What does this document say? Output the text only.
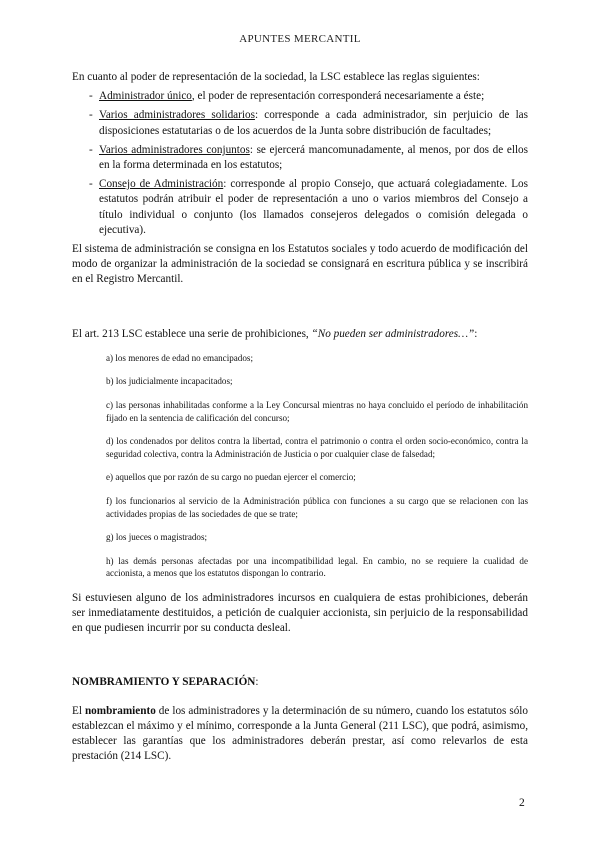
APUNTES MERCANTIL

En cuanto al poder de representación de la sociedad, la LSC establece las reglas siguientes:

- Administrador único, el poder de representación corresponderá necesariamente a éste;
- Varios administradores solidarios: corresponde a cada administrador, sin perjuicio de las disposiciones estatutarias o de los acuerdos de la Junta sobre distribución de facultades;
- Varios administradores conjuntos: se ejercerá mancomunadamente, al menos, por dos de ellos en la forma determinada en los estatutos;
- Consejo de Administración: corresponde al propio Consejo, que actuará colegiadamente. Los estatutos podrán atribuir el poder de representación a uno o varios miembros del Consejo a título individual o conjunto (los llamados consejeros delegados o comisión delegada o ejecutiva).

El sistema de administración se consigna en los Estatutos sociales y todo acuerdo de modificación del modo de organizar la administración de la sociedad se consignará en escritura pública y se inscribirá en el Registro Mercantil.

El art. 213 LSC establece una serie de prohibiciones, “No pueden ser administradores…”:

a) los menores de edad no emancipados;

b) los judicialmente incapacitados;

c) las personas inhabilitadas conforme a la Ley Concursal mientras no haya concluido el período de inhabilitación fijado en la sentencia de calificación del concurso;

d) los condenados por delitos contra la libertad, contra el patrimonio o contra el orden socio-económico, contra la seguridad colectiva, contra la Administración de Justicia o por cualquier clase de falsedad;

e) aquellos que por razón de su cargo no puedan ejercer el comercio;

f) los funcionarios al servicio de la Administración pública con funciones a su cargo que se relacionen con las actividades propias de las sociedades de que se trate;

g) los jueces o magistrados;

h) las demás personas afectadas por una incompatibilidad legal. En cambio, no se requiere la cualidad de accionista, a menos que los estatutos dispongan lo contrario.

Si estuviesen alguno de los administradores incursos en cualquiera de estas prohibiciones, deberán ser inmediatamente destituidos, a petición de cualquier accionista, sin perjuicio de la responsabilidad en que pudiesen incurrir por su conducta desleal.

NOMBRAMIENTO Y SEPARACIÓN:

El nombramiento de los administradores y la determinación de su número, cuando los estatutos sólo establezcan el máximo y el mínimo, corresponde a la Junta General (211 LSC), que podrá, asimismo, establecer las garantías que los administradores deberán prestar, así como relevarlos de esta prestación (214 LSC).

2
